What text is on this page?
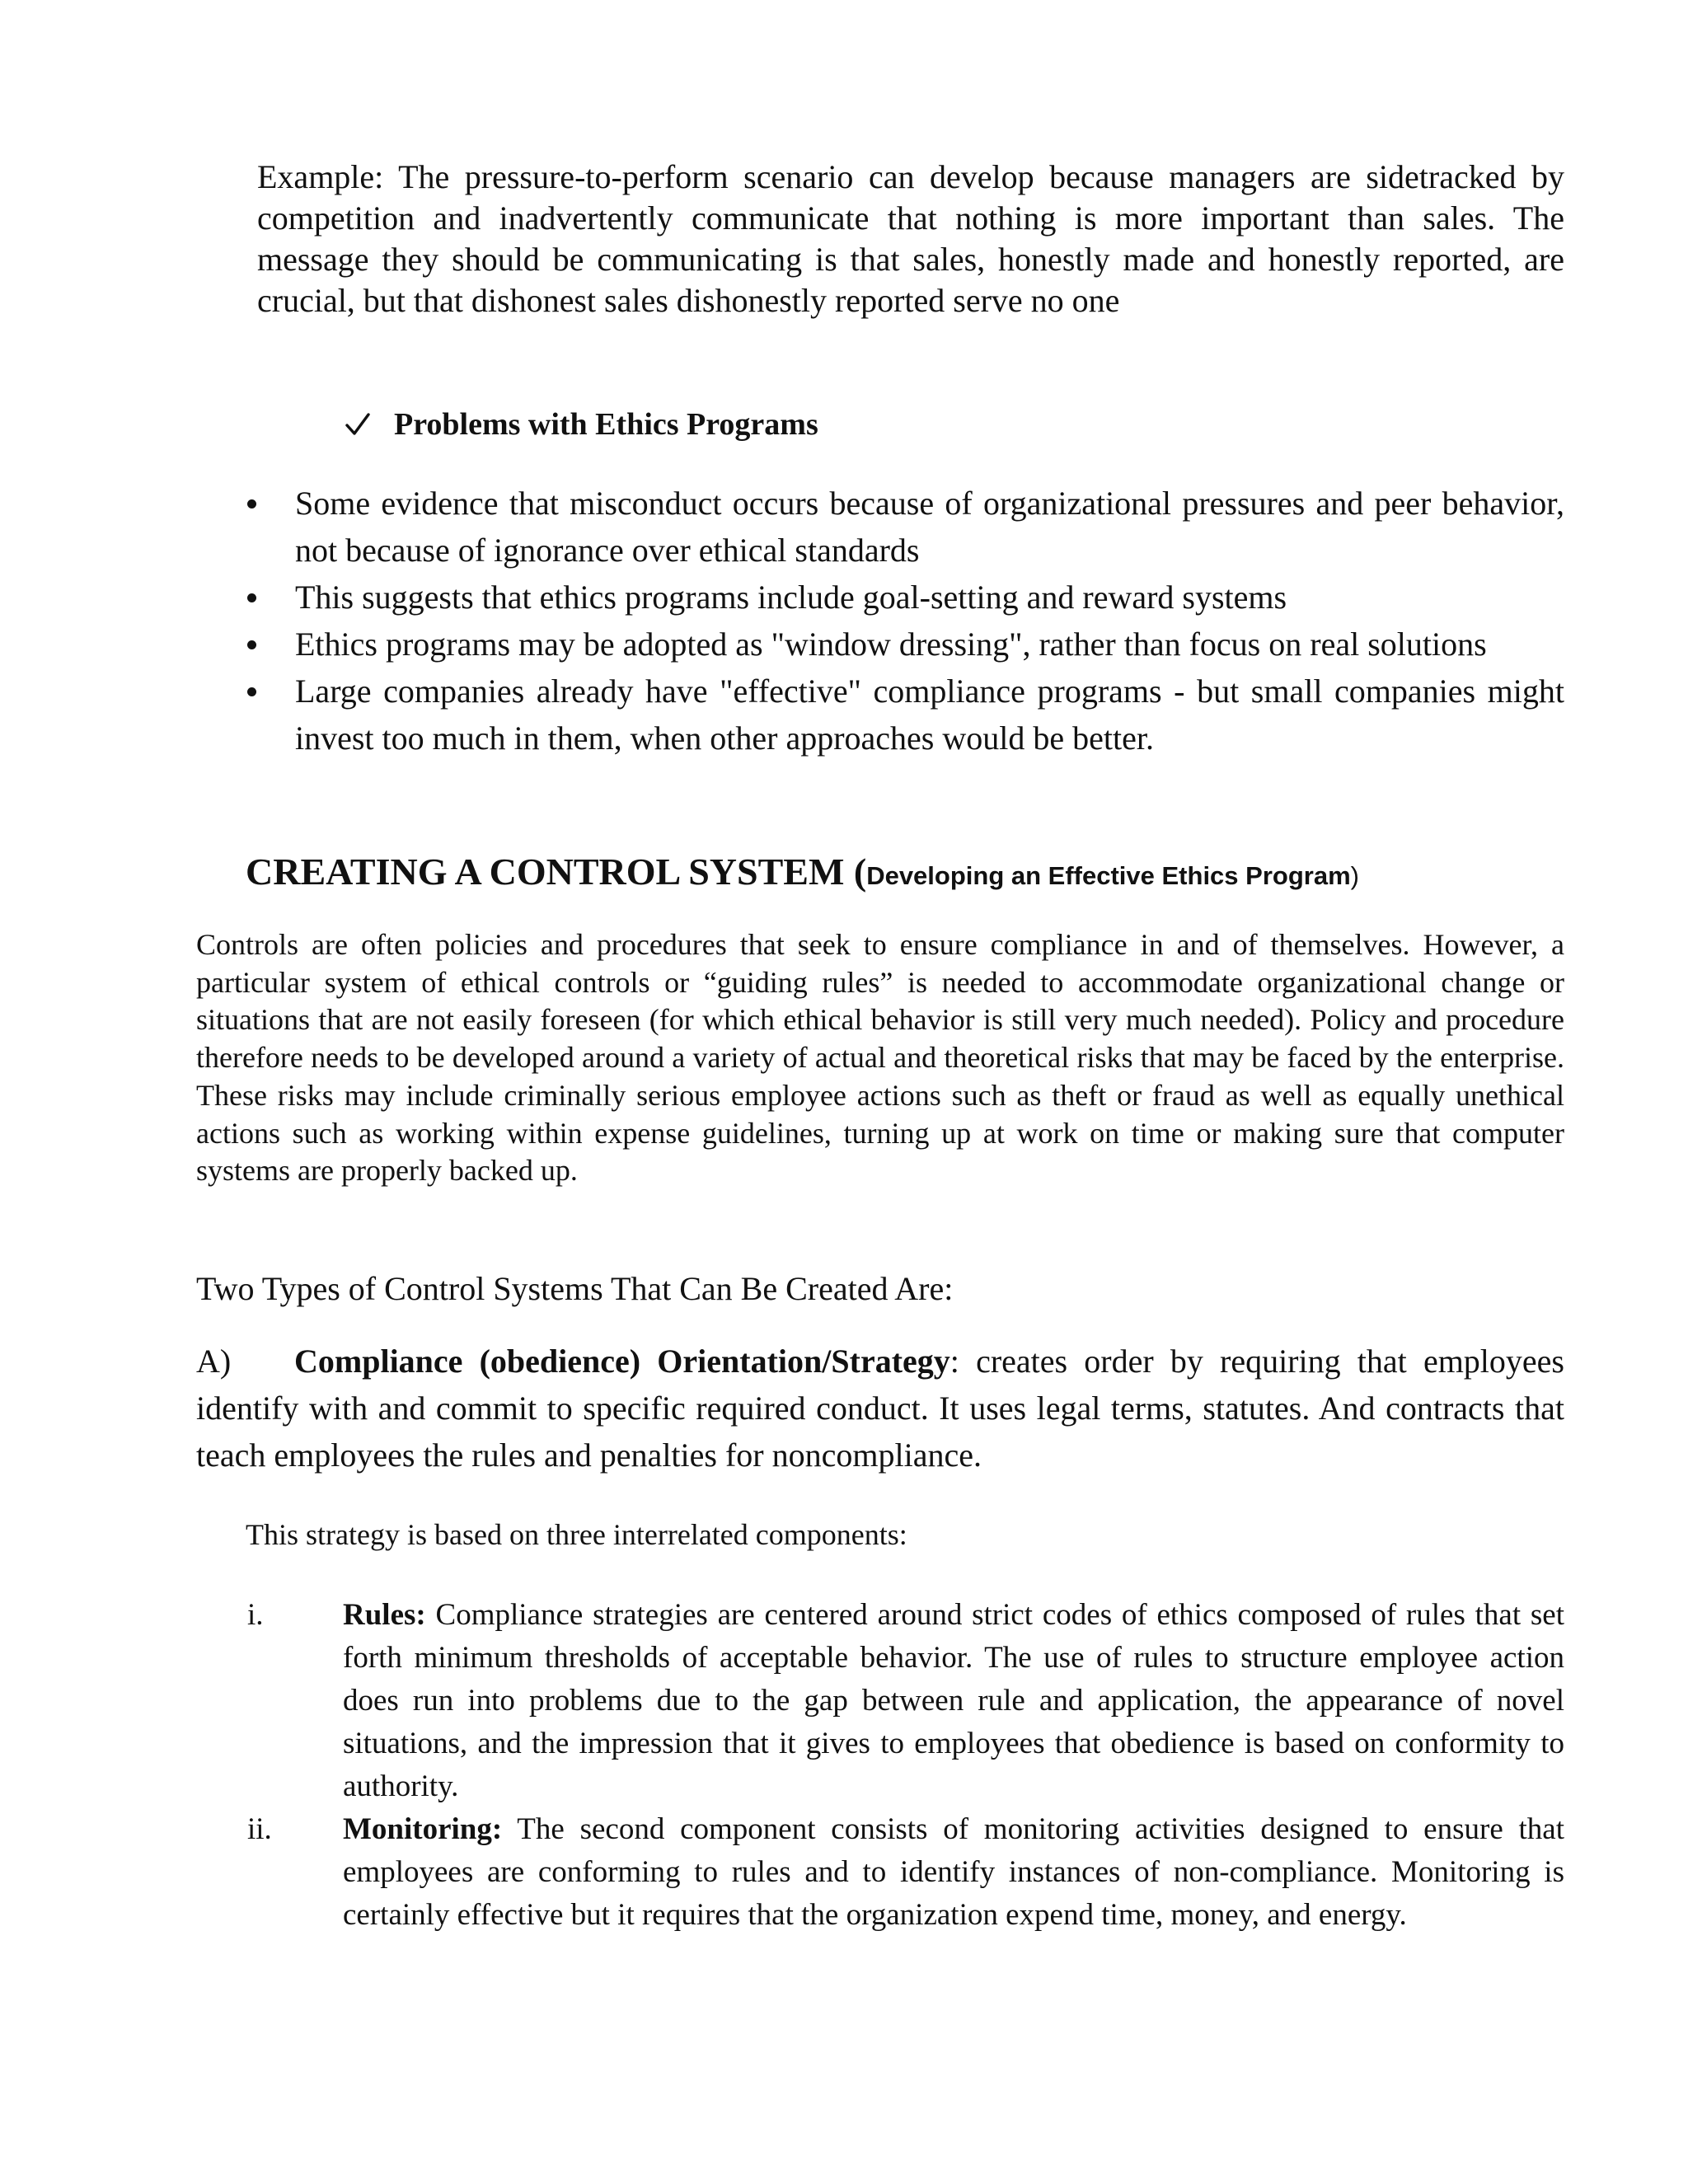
Example: The pressure-to-perform scenario can develop because managers are sidetracked by competition and inadvertently communicate that nothing is more important than sales. The message they should be communicating is that sales, honestly made and honestly reported, are crucial, but that dishonest sales dishonestly reported serve no one
Problems with Ethics Programs
Some evidence that misconduct occurs because of organizational pressures and peer behavior, not because of ignorance over ethical standards
This suggests that ethics programs include goal-setting and reward systems
Ethics programs may be adopted as "window dressing", rather than focus on real solutions
Large companies already have "effective" compliance programs - but small companies might invest too much in them, when other approaches would be better.
CREATING A CONTROL SYSTEM (Developing an Effective Ethics Program)
Controls are often policies and procedures that seek to ensure compliance in and of themselves. However, a particular system of ethical controls or “guiding rules” is needed to accommodate organizational change or situations that are not easily foreseen (for which ethical behavior is still very much needed). Policy and procedure therefore needs to be developed around a variety of actual and theoretical risks that may be faced by the enterprise. These risks may include criminally serious employee actions such as theft or fraud as well as equally unethical actions such as working within expense guidelines, turning up at work on time or making sure that computer systems are properly backed up.
Two Types of Control Systems That Can Be Created Are:
A) Compliance (obedience) Orientation/Strategy: creates order by requiring that employees identify with and commit to specific required conduct. It uses legal terms, statutes. And contracts that teach employees the rules and penalties for noncompliance.
This strategy is based on three interrelated components:
i.	Rules: Compliance strategies are centered around strict codes of ethics composed of rules that set forth minimum thresholds of acceptable behavior. The use of rules to structure employee action does run into problems due to the gap between rule and application, the appearance of novel situations, and the impression that it gives to employees that obedience is based on conformity to authority.
ii.	Monitoring: The second component consists of monitoring activities designed to ensure that employees are conforming to rules and to identify instances of non-compliance. Monitoring is certainly effective but it requires that the organization expend time, money, and energy.
